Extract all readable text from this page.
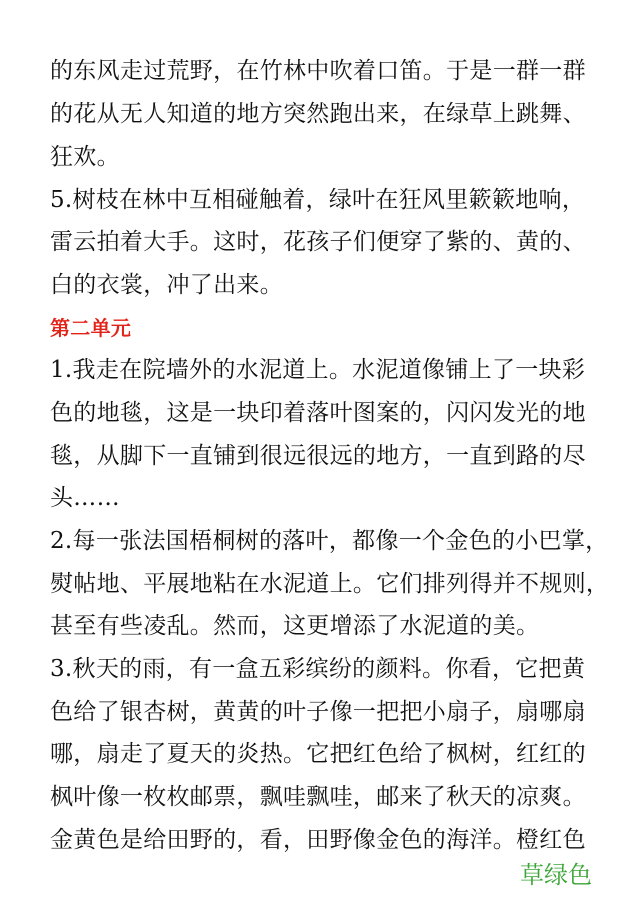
的东风走过荒野，在竹林中吹着口笛。于是一群一群
的花从无人知道的地方突然跑出来，在绿草上跳舞、
狂欢。
5.树枝在林中互相碰触着，绿叶在狂风里簌簌地响，
雷云拍着大手。这时，花孩子们便穿了紫的、黄的、
白的衣裳，冲了出来。
第二单元
1.我走在院墙外的水泥道上。水泥道像铺上了一块彩
色的地毯，这是一块印着落叶图案的，闪闪发光的地
毯，从脚下一直铺到很远很远的地方，一直到路的尽
头……
2.每一张法国梧桐树的落叶，都像一个金色的小巴掌，
熨帖地、平展地粘在水泥道上。它们排列得并不规则，
甚至有些凌乱。然而，这更增添了水泥道的美。
3.秋天的雨，有一盒五彩缤纷的颜料。你看，它把黄
色给了银杏树，黄黄的叶子像一把把小扇子，扇哪扇
哪，扇走了夏天的炎热。它把红色给了枫树，红红的
枫叶像一枚枚邮票，飘哇飘哇，邮来了秋天的凉爽。
金黄色是给田野的，看，田野像金色的海洋。橙红色
草绿色
